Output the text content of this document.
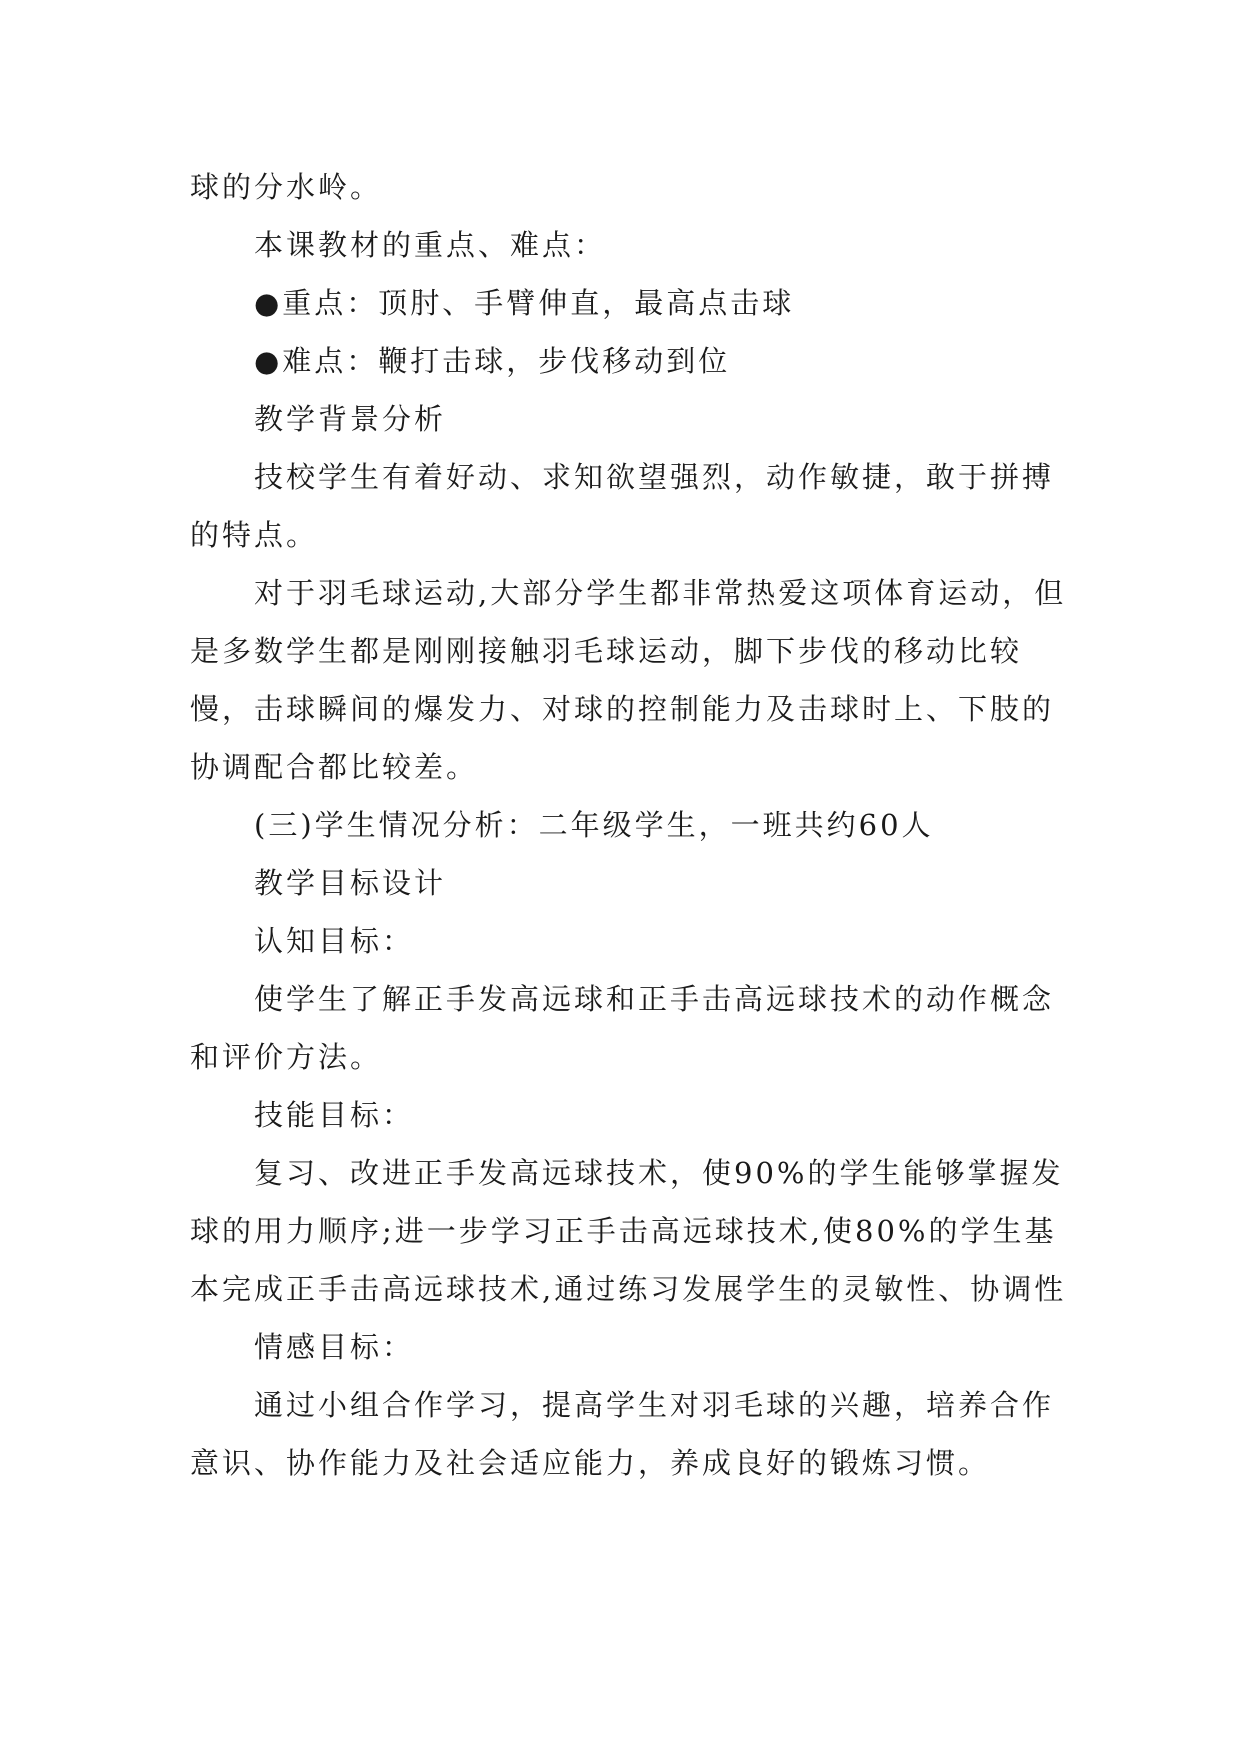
球的分水岭。

本课教材的重点、难点：

●重点：顶肘、手臂伸直，最高点击球

●难点：鞭打击球，步伐移动到位

教学背景分析

技校学生有着好动、求知欲望强烈，动作敏捷，敢于拼搏的特点。

对于羽毛球运动,大部分学生都非常热爱这项体育运动，但是多数学生都是刚刚接触羽毛球运动，脚下步伐的移动比较慢，击球瞬间的爆发力、对球的控制能力及击球时上、下肢的协调配合都比较差。

(三)学生情况分析：二年级学生，一班共约60人

教学目标设计

认知目标：

使学生了解正手发高远球和正手击高远球技术的动作概念和评价方法。

技能目标：

复习、改进正手发高远球技术，使90%的学生能够掌握发球的用力顺序;进一步学习正手击高远球技术,使80%的学生基本完成正手击高远球技术,通过练习发展学生的灵敏性、协调性

情感目标：

通过小组合作学习，提高学生对羽毛球的兴趣，培养合作意识、协作能力及社会适应能力，养成良好的锻炼习惯。
